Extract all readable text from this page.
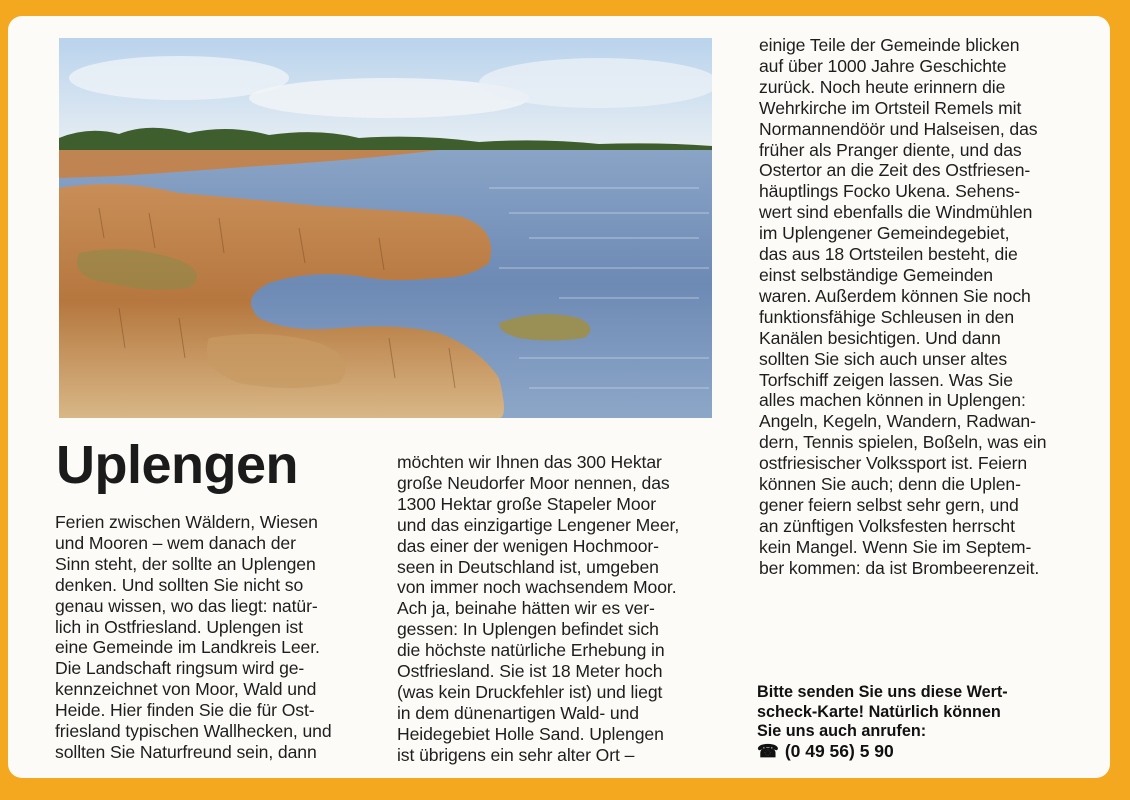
Uplengen
Ferien zwischen Wäldern, Wiesen
und Mooren – wem danach der
Sinn steht, der sollte an Uplengen
denken. Und sollten Sie nicht so
genau wissen, wo das liegt: natür-
lich in Ostfriesland. Uplengen ist
eine Gemeinde im Landkreis Leer.
Die Landschaft ringsum wird ge-
kennzeichnet von Moor, Wald und
Heide. Hier finden Sie die für Ost-
friesland typischen Wallhecken, und
sollten Sie Naturfreund sein, dann
möchten wir Ihnen das 300 Hektar
große Neudorfer Moor nennen, das
1300 Hektar große Stapeler Moor
und das einzigartige Lengener Meer,
das einer der wenigen Hochmoor-
seen in Deutschland ist, umgeben
von immer noch wachsendem Moor.
Ach ja, beinahe hätten wir es ver-
gessen: In Uplengen befindet sich
die höchste natürliche Erhebung in
Ostfriesland. Sie ist 18 Meter hoch
(was kein Druckfehler ist) und liegt
in dem dünenartigen Wald- und
Heidegebiet Holle Sand. Uplengen
ist übrigens ein sehr alter Ort –
einige Teile der Gemeinde blicken
auf über 1000 Jahre Geschichte
zurück. Noch heute erinnern die
Wehrkirche im Ortsteil Remels mit
Normannendöör und Halseisen, das
früher als Pranger diente, und das
Ostertor an die Zeit des Ostfriesen-
häuptlings Focko Ukena. Sehens-
wert sind ebenfalls die Windmühlen
im Uplengener Gemeindegebiet,
das aus 18 Ortsteilen besteht, die
einst selbständige Gemeinden
waren. Außerdem können Sie noch
funktionsfähige Schleusen in den
Kanälen besichtigen. Und dann
sollten Sie sich auch unser altes
Torfschiff zeigen lassen. Was Sie
alles machen können in Uplengen:
Angeln, Kegeln, Wandern, Radwan-
dern, Tennis spielen, Boßeln, was ein
ostfriesischer Volkssport ist. Feiern
können Sie auch; denn die Uplen-
gener feiern selbst sehr gern, und
an zünftigen Volksfesten herrscht
kein Mangel. Wenn Sie im Septem-
ber kommen: da ist Brombeerenzeit.
Bitte senden Sie uns diese Wert-
scheck-Karte! Natürlich können
Sie uns auch anrufen:
☎ (0 49 56) 5 90
